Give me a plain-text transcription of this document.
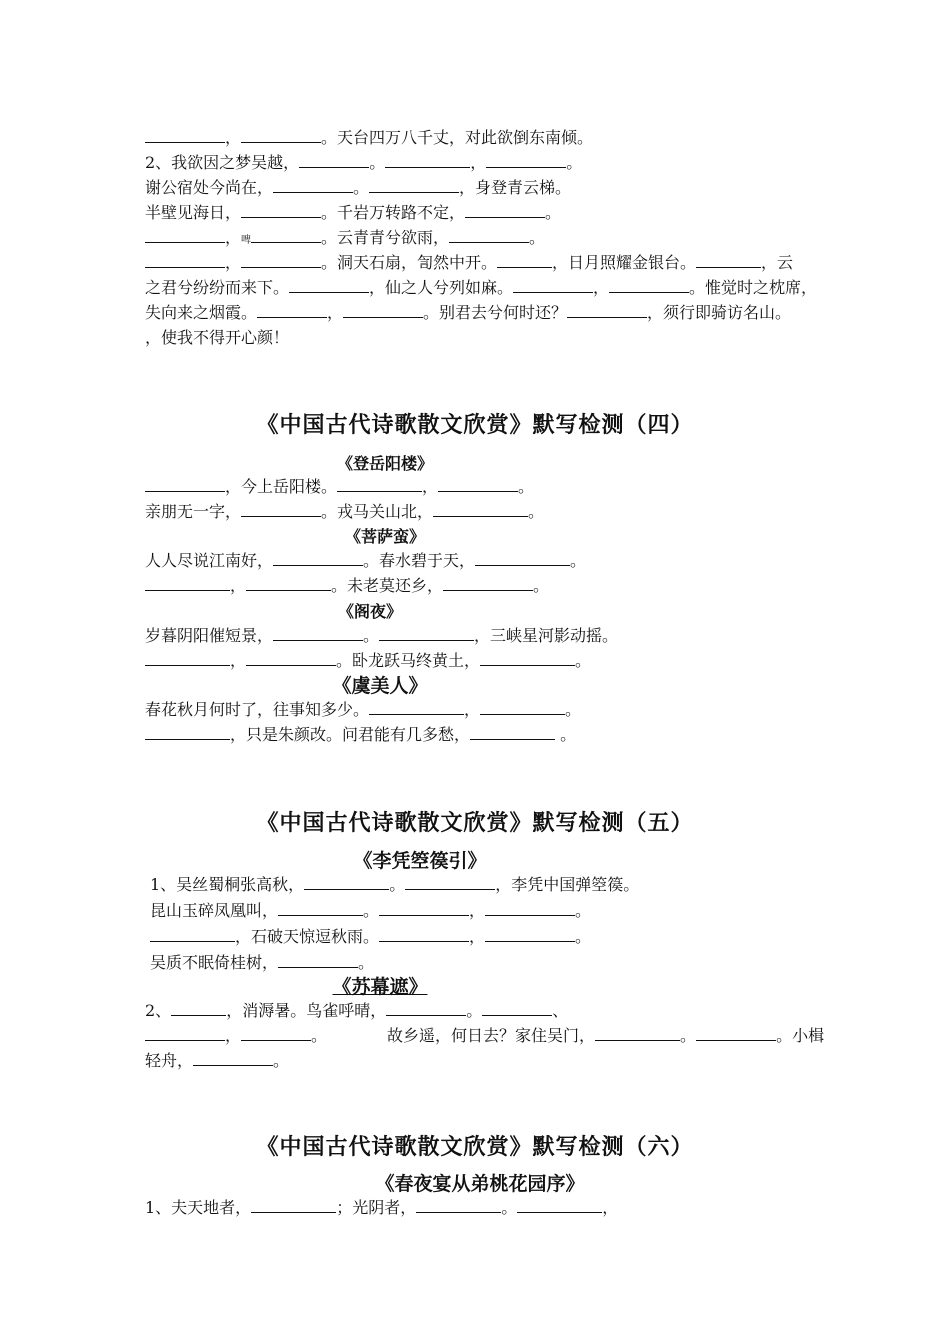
，	。天台四万八千丈，对此欲倒东南倾。
2、我欲因之梦吴越，	。	，	。
谢公宿处今尚在，	。	，身登青云梯。
半壁见海日，	。千岩万转路不定，	。
，啤	。云青青兮欲雨，	。
，	。洞天石扇，訇然中开。	，日月照耀金银台。	，云
之君兮纷纷而来下。	，仙之人兮列如麻。	，	。惟觉时之枕席，
失向来之烟霞。	，	。别君去兮何时还？	，须行即骑访名山。
，使我不得开心颜！
《中国古代诗歌散文欣赏》默写检测（四）
《登岳阳楼》
，今上岳阳楼。	，	。
亲朋无一字，	。戎马关山北，	。
《菩萨蛮》
人人尽说江南好，	。春水碧于天，	。
，	。未老莫还乡，	。
《阁夜》
岁暮阴阳催短景，	。	，三峡星河影动摇。
，	。卧龙跃马终黄土，	。
《虞美人》
春花秋月何时了，往事知多少。	，	。
，只是朱颜改。问君能有几多愁，	。
《中国古代诗歌散文欣赏》默写检测（五）
《李凭箜篌引》
1、吴丝蜀桐张高秋，	。	，李凭中国弹箜篌。
昆山玉碎凤凰叫，	。	，	。
，石破天惊逗秋雨。	，	。
吴质不眠倚桂树，	。
《苏幕遮》
2、	，消溽暑。鸟雀呼晴，	。	、
，	。	故乡遥，何日去？家住吴门，	。	。小楫
轻舟，	。
《中国古代诗歌散文欣赏》默写检测（六）
《春夜宴从弟桃花园序》
1、夫天地者，	；光阴者，	。	，
